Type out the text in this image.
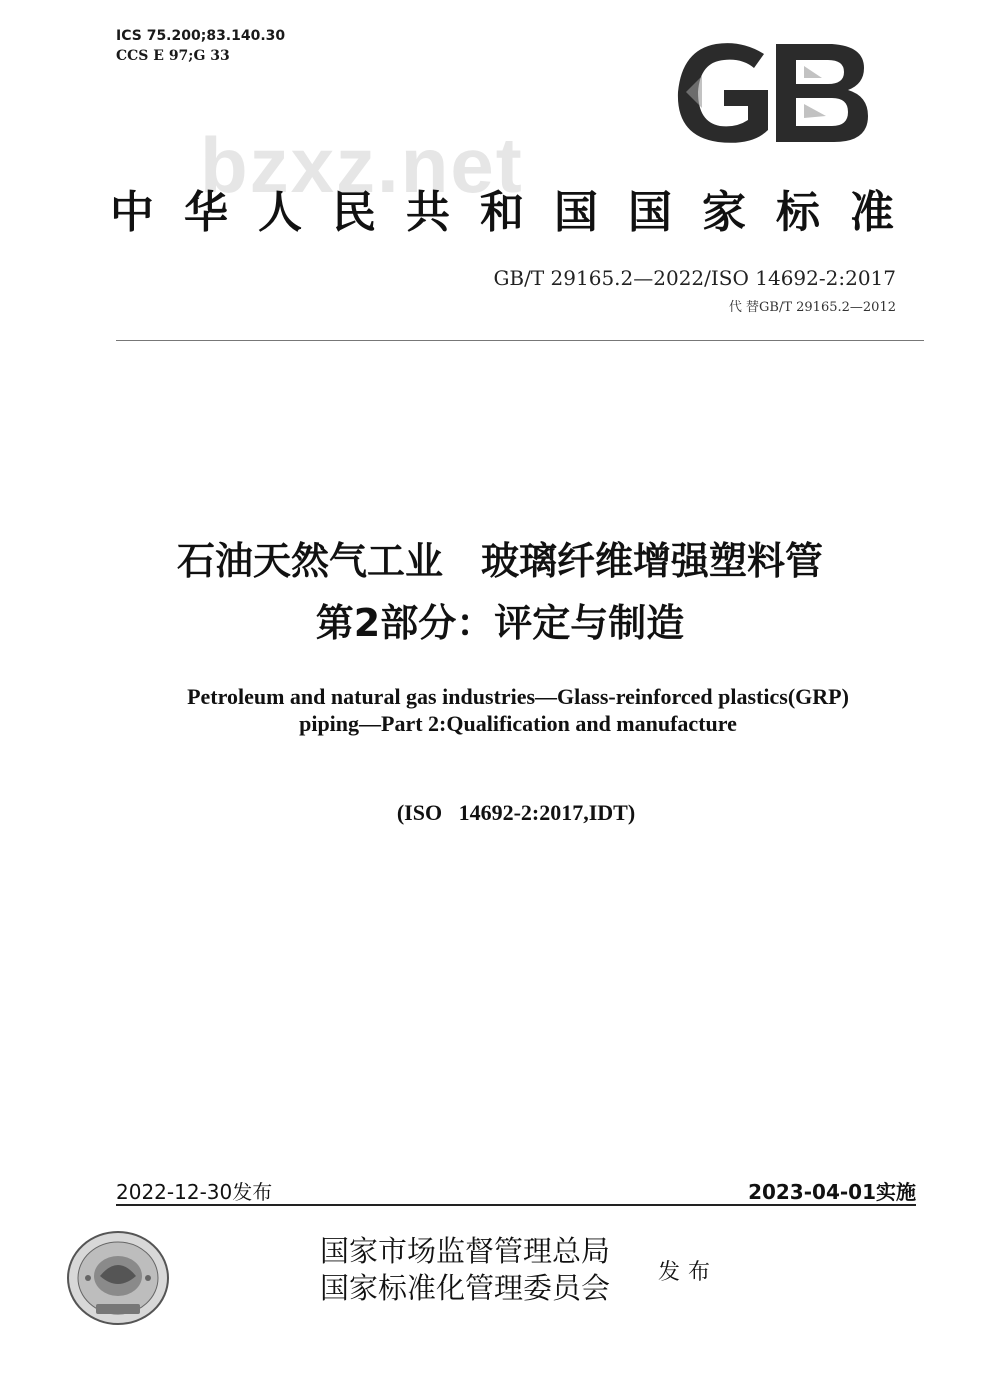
ICS 75.200;83.140.30
CCS E 97;G 33
bzxz.net
中华人民共和国国家标准
GB/T 29165.2—2022/ISO 14692-2:2017
代 替GB/T 29165.2—2012
石油天然气工业　玻璃纤维增强塑料管
第2部分：评定与制造
Petroleum and natural gas industries—Glass-reinforced plastics(GRP)
piping—Part 2:Qualification and manufacture
(ISO   14692-2:2017,IDT)
2022-12-30发布	2023-04-01实施
国家市场监督管理总局
国家标准化管理委员会 发布
